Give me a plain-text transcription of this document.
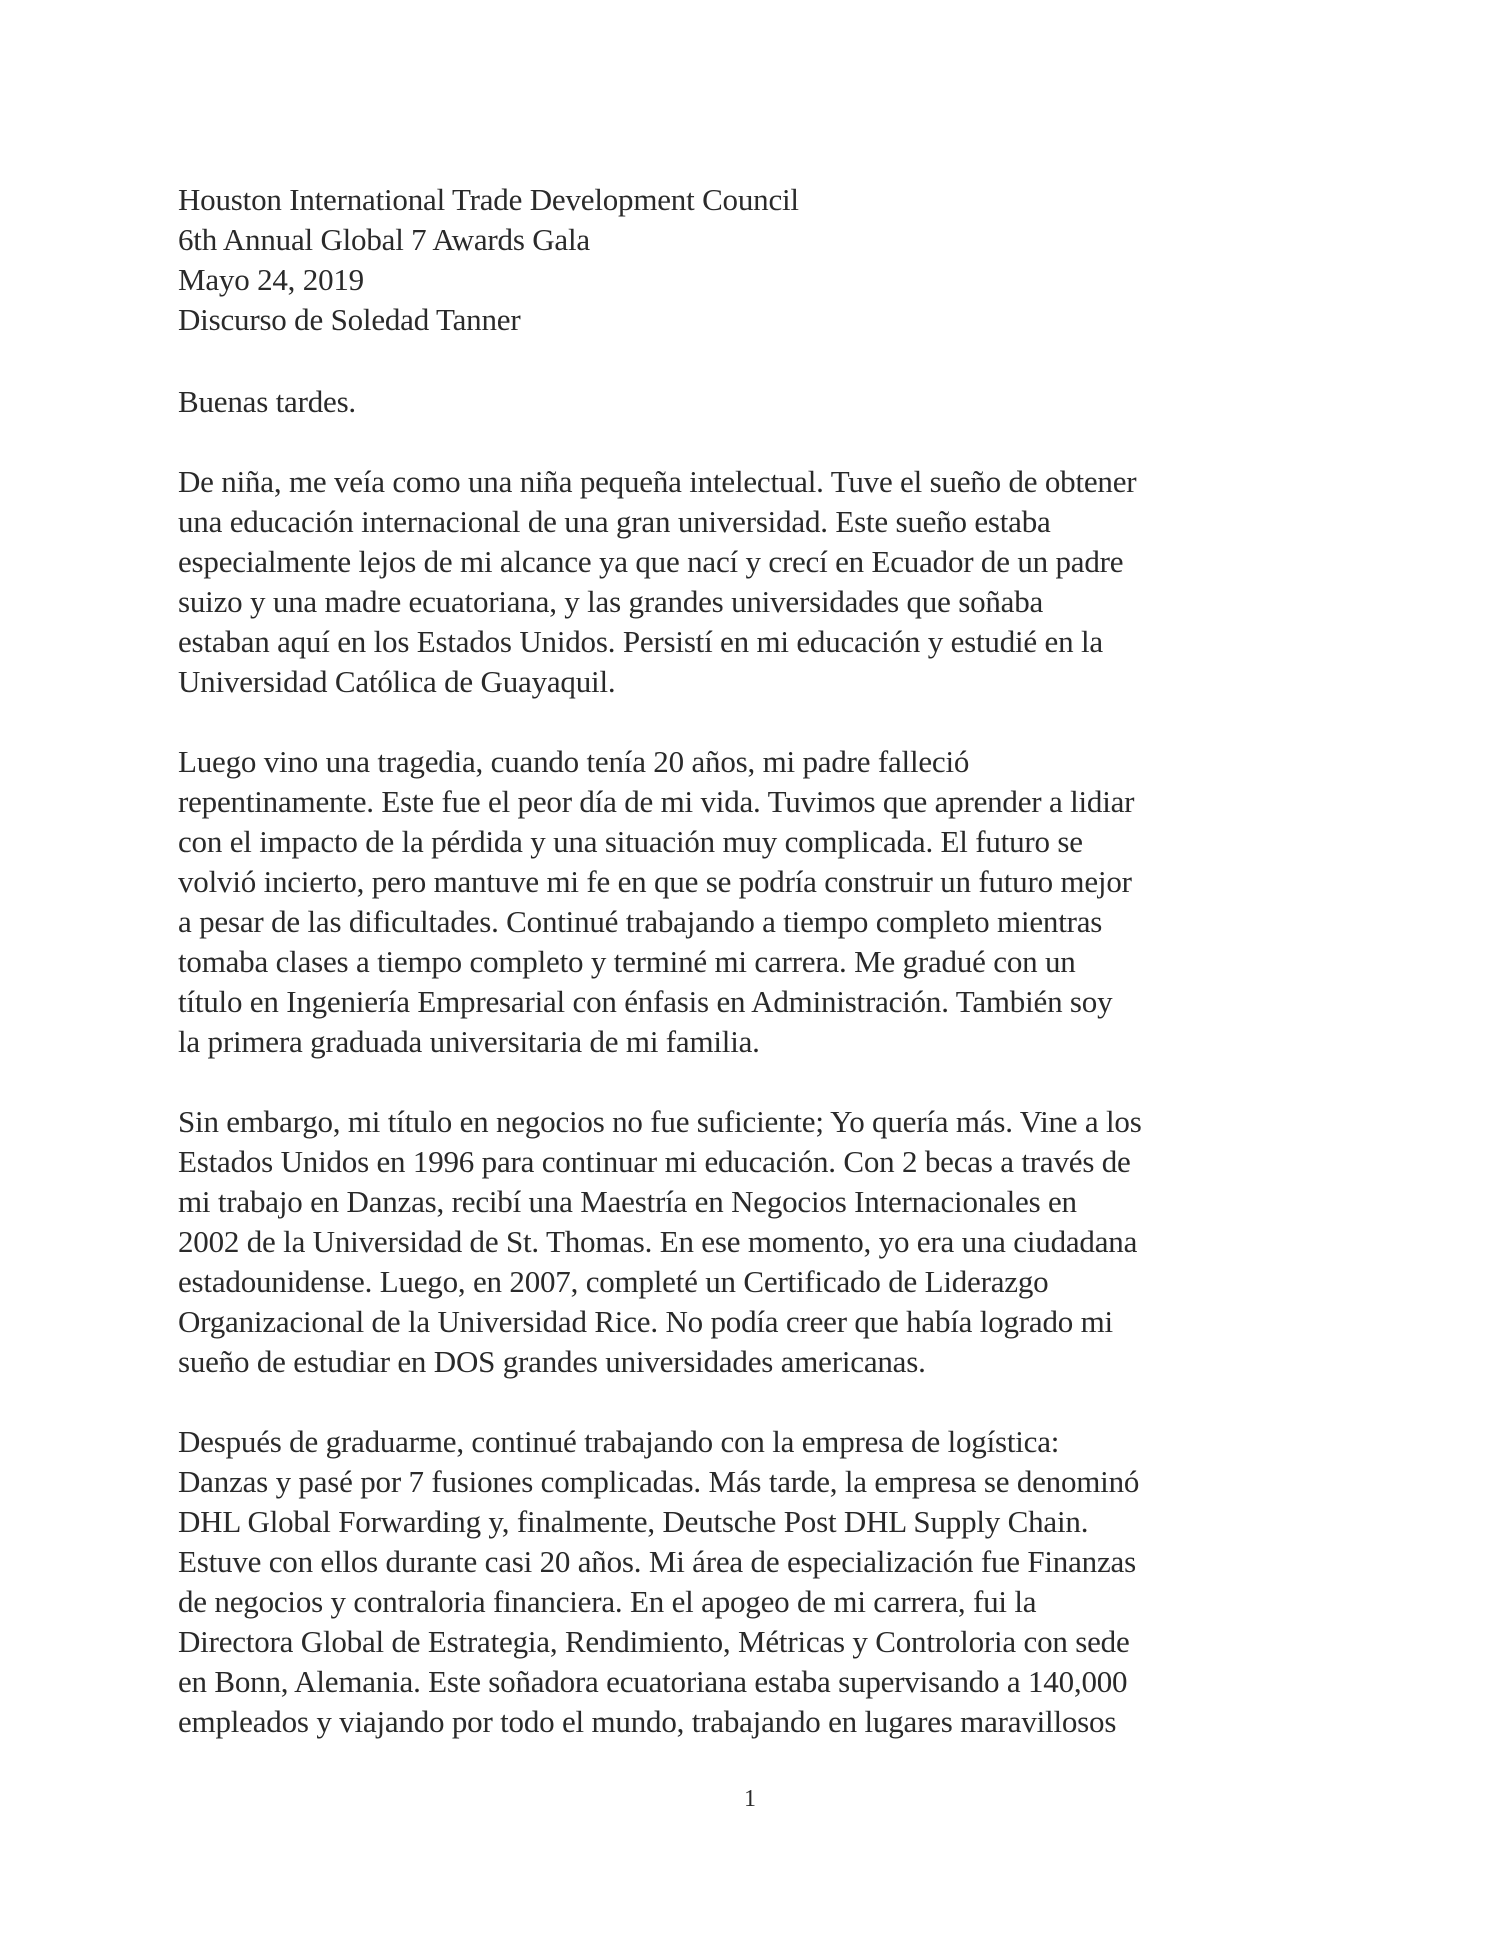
Houston International Trade Development Council
6th Annual Global 7 Awards Gala
Mayo 24, 2019
Discurso de Soledad Tanner
Buenas tardes.
De niña, me veía como una niña pequeña intelectual. Tuve el sueño de obtener
una educación internacional de una gran universidad. Este sueño estaba
especialmente lejos de mi alcance ya que nací y crecí en Ecuador de un padre
suizo y una madre ecuatoriana, y las grandes universidades que soñaba
estaban aquí en los Estados Unidos. Persistí en mi educación y estudié en la
Universidad Católica de Guayaquil.
Luego vino una tragedia, cuando tenía 20 años, mi padre falleció
repentinamente. Este fue el peor día de mi vida. Tuvimos que aprender a lidiar
con el impacto de la pérdida y una situación muy complicada. El futuro se
volvió incierto, pero mantuve mi fe en que se podría construir un futuro mejor
a pesar de las dificultades. Continué trabajando a tiempo completo mientras
tomaba clases a tiempo completo y terminé mi carrera. Me gradué con un
título en Ingeniería Empresarial con énfasis en Administración. También soy
la primera graduada universitaria de mi familia.
Sin embargo, mi título en negocios no fue suficiente; Yo quería más. Vine a los
Estados Unidos en 1996 para continuar mi educación. Con 2 becas a través de
mi trabajo en Danzas, recibí una Maestría en Negocios Internacionales en
2002 de la Universidad de St. Thomas. En ese momento, yo era una ciudadana
estadounidense. Luego, en 2007, completé un Certificado de Liderazgo
Organizacional de la Universidad Rice. No podía creer que había logrado mi
sueño de estudiar en DOS grandes universidades americanas.
Después de graduarme, continué trabajando con la empresa de logística:
Danzas y pasé por 7 fusiones complicadas. Más tarde, la empresa se denominó
DHL Global Forwarding y, finalmente, Deutsche Post DHL Supply Chain.
Estuve con ellos durante casi 20 años. Mi área de especialización fue Finanzas
de negocios y contraloria financiera. En el apogeo de mi carrera, fui la
Directora Global de Estrategia, Rendimiento, Métricas y Controloria con sede
en Bonn, Alemania. Este soñadora ecuatoriana estaba supervisando a 140,000
empleados y viajando por todo el mundo, trabajando en lugares maravillosos
1
